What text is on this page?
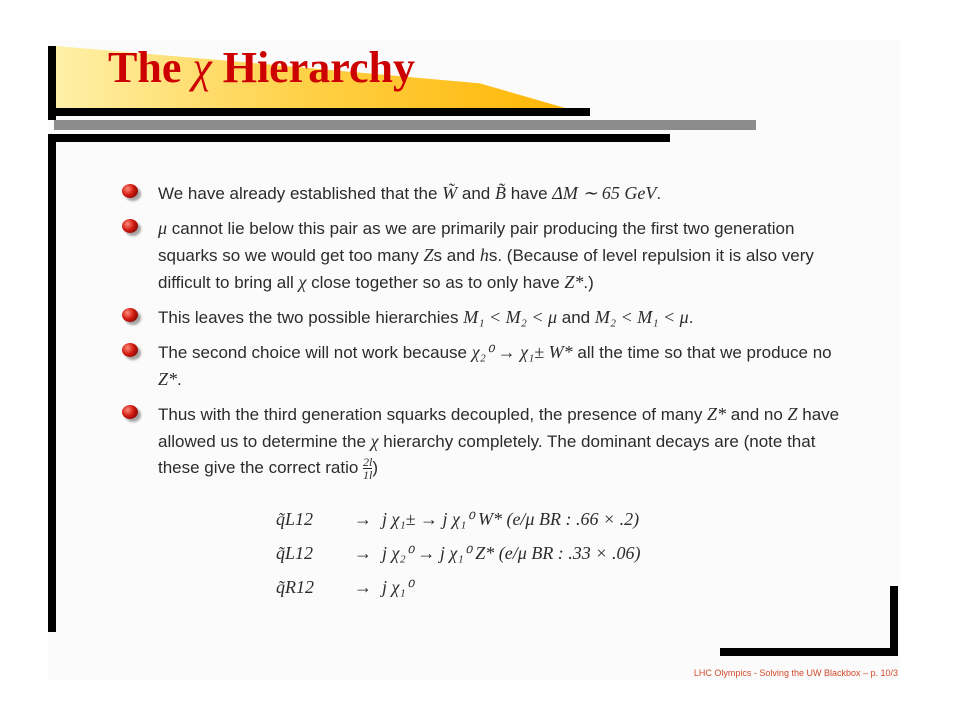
The χ Hierarchy
We have already established that the W̃ and B̃ have ΔM ∼ 65 GeV.
μ cannot lie below this pair as we are primarily pair producing the first two generation squarks so we would get too many Zs and hs. (Because of level repulsion it is also very difficult to bring all χ close together so as to only have Z*.)
This leaves the two possible hierarchies M₁ < M₂ < μ and M₂ < M₁ < μ.
The second choice will not work because χ₂⁰ → χ₁± W* all the time so that we produce no Z*.
Thus with the third generation squarks decoupled, the presence of many Z* and no Z have allowed us to determine the χ hierarchy completely. The dominant decays are (note that these give the correct ratio $\frac{2l}{1l}$ )
q̃L12	→ j χ₁± → j χ₁⁰ W* (e/μ BR : .66 × .2)
q̃L12	→ j χ₂⁰ → j χ₁⁰ Z* (e/μ BR : .33 × .06)
q̃R12	→ j χ₁⁰
LHC Olympics - Solving the UW Blackbox – p. 10/3
